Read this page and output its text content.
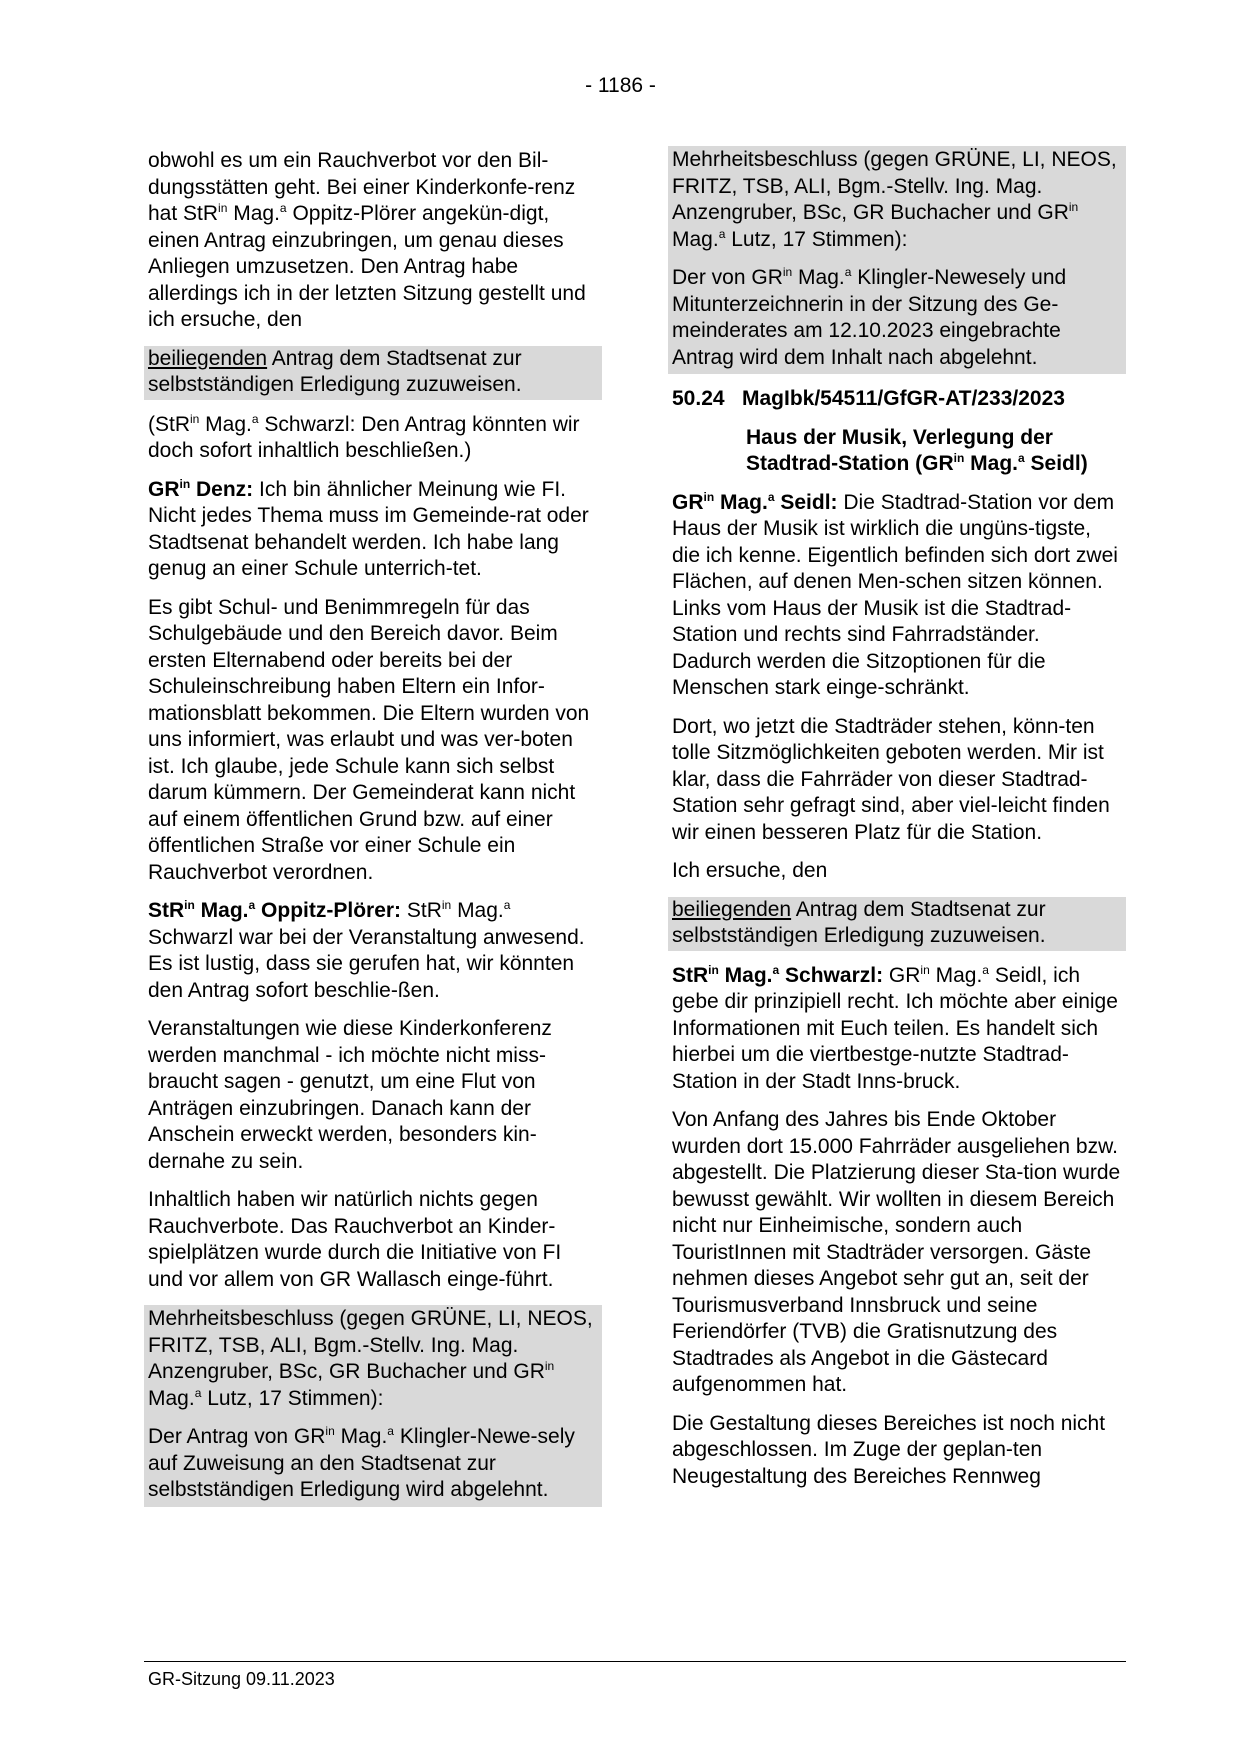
- 1186 -

obwohl es um ein Rauchverbot vor den Bil-dungsstätten geht. Bei einer Kinderkonfe-renz hat StR$^{in}$ Mag.$^a$ Oppitz-Plörer angekün-digt, einen Antrag einzubringen, um genau dieses Anliegen umzusetzen. Den Antrag habe allerdings ich in der letzten Sitzung gestellt und ich ersuche, den

beiliegenden Antrag dem Stadtsenat zur selbstständigen Erledigung zuzuweisen.

(StR$^{in}$ Mag.$^a$ Schwarzl: Den Antrag könnten wir doch sofort inhaltlich beschließen.)

$GR^{in}$ Denz: Ich bin ähnlicher Meinung wie FI. Nicht jedes Thema muss im Gemeinde-rat oder Stadtsenat behandelt werden. Ich habe lang genug an einer Schule unterrich-tet.

Es gibt Schul- und Benimmregeln für das Schulgebäude und den Bereich davor. Beim ersten Elternabend oder bereits bei der Schuleinschreibung haben Eltern ein Infor-mationsblatt bekommen. Die Eltern wurden von uns informiert, was erlaubt und was ver-boten ist. Ich glaube, jede Schule kann sich selbst darum kümmern. Der Gemeinderat kann nicht auf einem öffentlichen Grund bzw. auf einer öffentlichen Straße vor einer Schule ein Rauchverbot verordnen.

StR$^{in}$ Mag.$^a$ Oppitz-Plörer: StR$^{in}$ Mag.$^a$ Schwarzl war bei der Veranstaltung anwesend. Es ist lustig, dass sie gerufen hat, wir könnten den Antrag sofort beschlie-ßen.

Veranstaltungen wie diese Kinderkonferenz werden manchmal - ich möchte nicht miss-braucht sagen - genutzt, um eine Flut von Anträgen einzubringen. Danach kann der Anschein erweckt werden, besonders kin-dernahe zu sein.

Inhaltlich haben wir natürlich nichts gegen Rauchverbote. Das Rauchverbot an Kinder-spielplätzen wurde durch die Initiative von FI und vor allem von GR Wallasch einge-führt.

Mehrheitsbeschluss (gegen GRÜNE, LI, NEOS, FRITZ, TSB, ALI, Bgm.-Stellv. Ing. Mag. Anzengruber, BSc, GR Buchacher und $GR^{in}$ Mag.$^a$ Lutz, 17 Stimmen):

Der Antrag von $GR^{in}$ Mag.$^a$ Klingler-Newe-sely auf Zuweisung an den Stadtsenat zur selbstständigen Erledigung wird abgelehnt.

Mehrheitsbeschluss (gegen GRÜNE, LI, NEOS, FRITZ, TSB, ALI, Bgm.-Stellv. Ing. Mag. Anzengruber, BSc, GR Buchacher und $GR^{in}$ Mag.$^a$ Lutz, 17 Stimmen):

Der von $GR^{in}$ Mag.$^a$ Klingler-Newesely und Mitunterzeichnerin in der Sitzung des Ge-meinderates am 12.10.2023 eingebrachte Antrag wird dem Inhalt nach abgelehnt.

50.24 MagIbk/54511/GfGR-AT/233/2023

Haus der Musik, Verlegung der Stadtrad-Station ($GR^{in}$ Mag.$^a$ Seidl)

$GR^{in}$ Mag.$^a$ Seidl: Die Stadtrad-Station vor dem Haus der Musik ist wirklich die ungüns-tigste, die ich kenne. Eigentlich befinden sich dort zwei Flächen, auf denen Men-schen sitzen können. Links vom Haus der Musik ist die Stadtrad-Station und rechts sind Fahrradständer. Dadurch werden die Sitzoptionen für die Menschen stark einge-schränkt.

Dort, wo jetzt die Stadträder stehen, könn-ten tolle Sitzmöglichkeiten geboten werden. Mir ist klar, dass die Fahrräder von dieser Stadtrad-Station sehr gefragt sind, aber viel-leicht finden wir einen besseren Platz für die Station.

Ich ersuche, den

beiliegenden Antrag dem Stadtsenat zur selbstständigen Erledigung zuzuweisen.

StR$^{in}$ Mag.$^a$ Schwarzl: $GR^{in}$ Mag.$^a$ Seidl, ich gebe dir prinzipiell recht. Ich möchte aber einige Informationen mit Euch teilen. Es handelt sich hierbei um die viertbestge-nutzte Stadtrad-Station in der Stadt Inns-bruck.

Von Anfang des Jahres bis Ende Oktober wurden dort 15.000 Fahrräder ausgeliehen bzw. abgestellt. Die Platzierung dieser Sta-tion wurde bewusst gewählt. Wir wollten in diesem Bereich nicht nur Einheimische, sondern auch TouristInnen mit Stadträder versorgen. Gäste nehmen dieses Angebot sehr gut an, seit der Tourismusverband Innsbruck und seine Feriendörfer (TVB) die Gratisnutzung des Stadtrades als Angebot in die Gästecard aufgenommen hat.

Die Gestaltung dieses Bereiches ist noch nicht abgeschlossen. Im Zuge der geplan-ten Neugestaltung des Bereiches Rennweg

GR-Sitzung 09.11.2023
